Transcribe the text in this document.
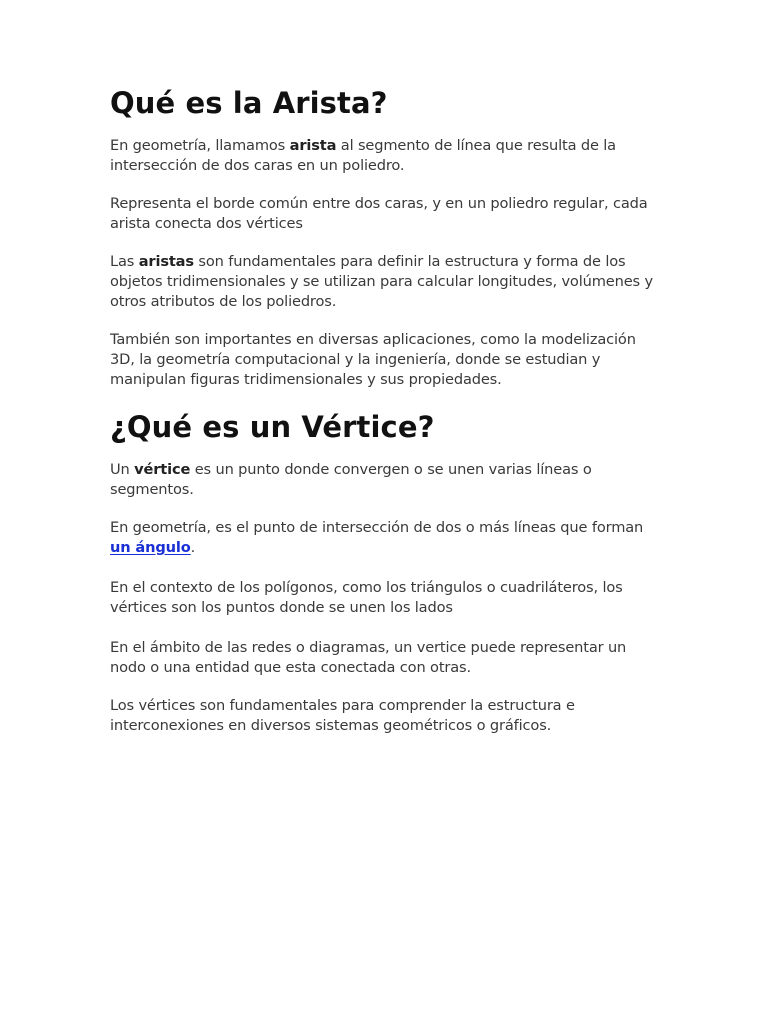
Qué es la Arista?

En geometría, llamamos arista al segmento de línea que resulta de la intersección de dos caras en un poliedro.

Representa el borde común entre dos caras, y en un poliedro regular, cada arista conecta dos vértices

Las aristas son fundamentales para definir la estructura y forma de los objetos tridimensionales y se utilizan para calcular longitudes, volúmenes y otros atributos de los poliedros.

También son importantes en diversas aplicaciones, como la modelización 3D, la geometría computacional y la ingeniería, donde se estudian y manipulan figuras tridimensionales y sus propiedades.

¿Qué es un Vértice?

Un vértice es un punto donde convergen o se unen varias líneas o segmentos.

En geometría, es el punto de intersección de dos o más líneas que forman un ángulo.

En el contexto de los polígonos, como los triángulos o cuadriláteros, los vértices son los puntos donde se unen los lados

En el ámbito de las redes o diagramas, un vertice puede representar un nodo o una entidad que esta conectada con otras.

Los vértices son fundamentales para comprender la estructura e interconexiones en diversos sistemas geométricos o gráficos.
